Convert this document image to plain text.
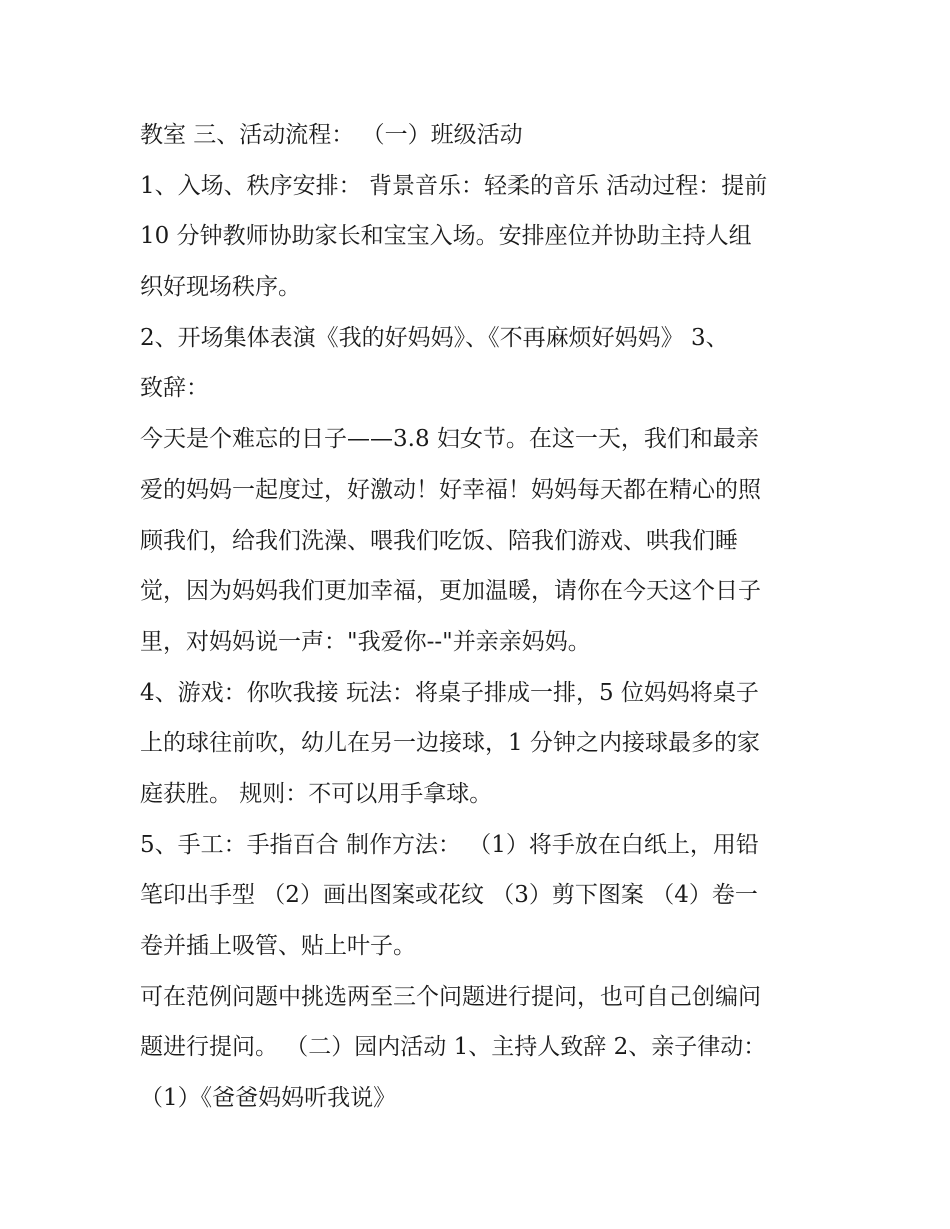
教室 三、活动流程： （一）班级活动
1、入场、秩序安排： 背景音乐：轻柔的音乐 活动过程：提前
10 分钟教师协助家长和宝宝入场。安排座位并协助主持人组
织好现场秩序。
2、开场集体表演《我的好妈妈》、《不再麻烦好妈妈》 3、
致辞：
今天是个难忘的日子——3.8 妇女节。在这一天，我们和最亲
爱的妈妈一起度过，好激动！好幸福！妈妈每天都在精心的照
顾我们，给我们洗澡、喂我们吃饭、陪我们游戏、哄我们睡
觉，因为妈妈我们更加幸福，更加温暖，请你在今天这个日子
里，对妈妈说一声："我爱你--"并亲亲妈妈。
4、游戏：你吹我接 玩法：将桌子排成一排，5 位妈妈将桌子
上的球往前吹，幼儿在另一边接球，1 分钟之内接球最多的家
庭获胜。 规则：不可以用手拿球。
5、手工：手指百合 制作方法： （1）将手放在白纸上，用铅
笔印出手型 （2）画出图案或花纹 （3）剪下图案 （4）卷一
卷并插上吸管、贴上叶子。
可在范例问题中挑选两至三个问题进行提问，也可自己创编问
题进行提问。 （二）园内活动 1、主持人致辞 2、亲子律动：
（1）《爸爸妈妈听我说》
